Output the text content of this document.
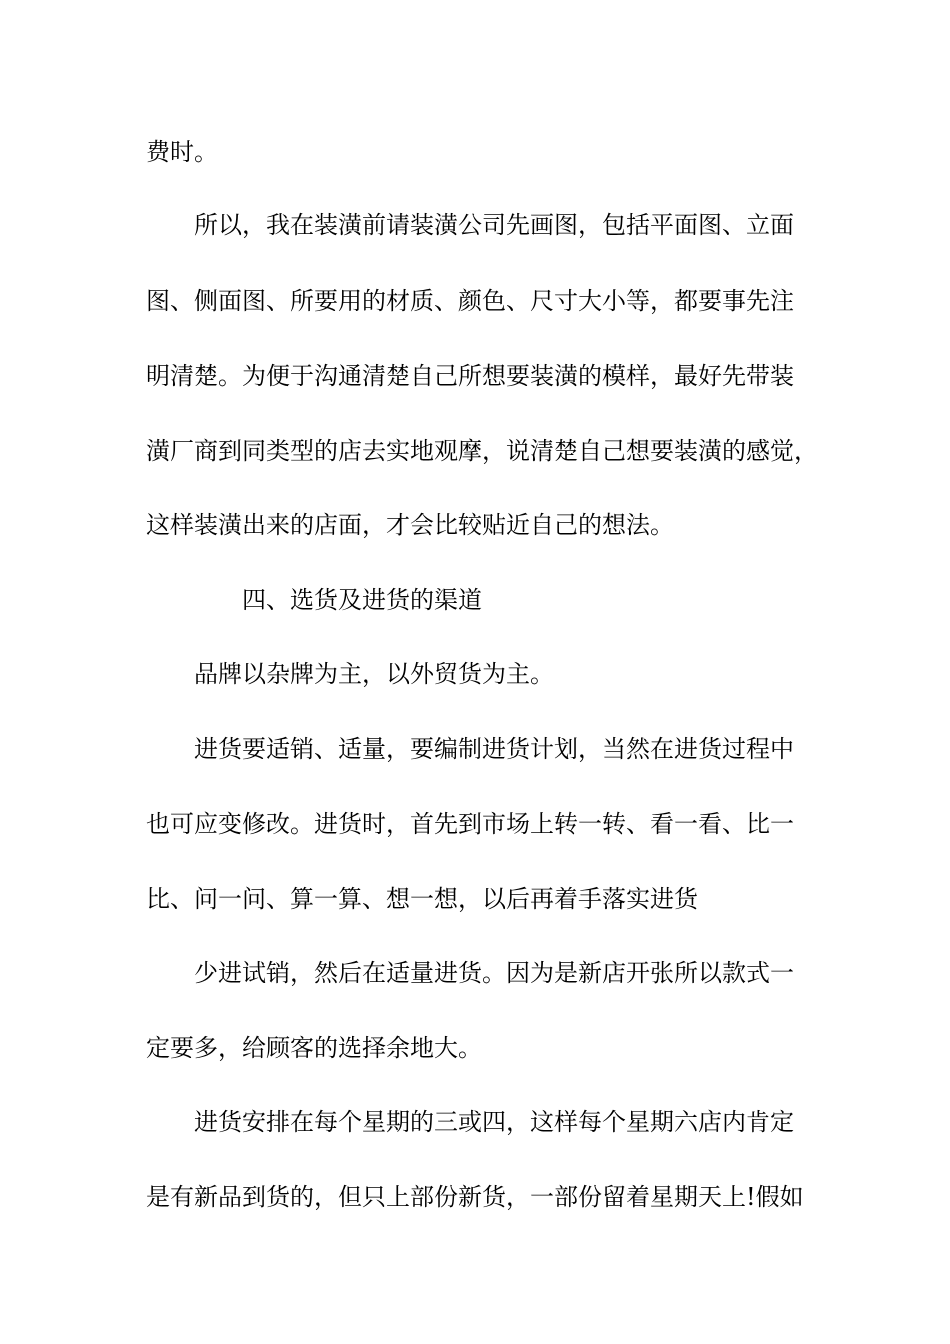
费时。

所以，我在装潢前请装潢公司先画图，包括平面图、立面

图、侧面图、所要用的材质、颜色、尺寸大小等，都要事先注

明清楚。为便于沟通清楚自己所想要装潢的模样，最好先带装

潢厂商到同类型的店去实地观摩，说清楚自己想要装潢的感觉，

这样装潢出来的店面，才会比较贴近自己的想法。

四、选货及进货的渠道

品牌以杂牌为主，以外贸货为主。

进货要适销、适量，要编制进货计划，当然在进货过程中

也可应变修改。进货时，首先到市场上转一转、看一看、比一

比、问一问、算一算、想一想，以后再着手落实进货

少进试销，然后在适量进货。因为是新店开张所以款式一

定要多，给顾客的选择余地大。

进货安排在每个星期的三或四，这样每个星期六店内肯定

是有新品到货的，但只上部份新货，一部份留着星期天上!假如
